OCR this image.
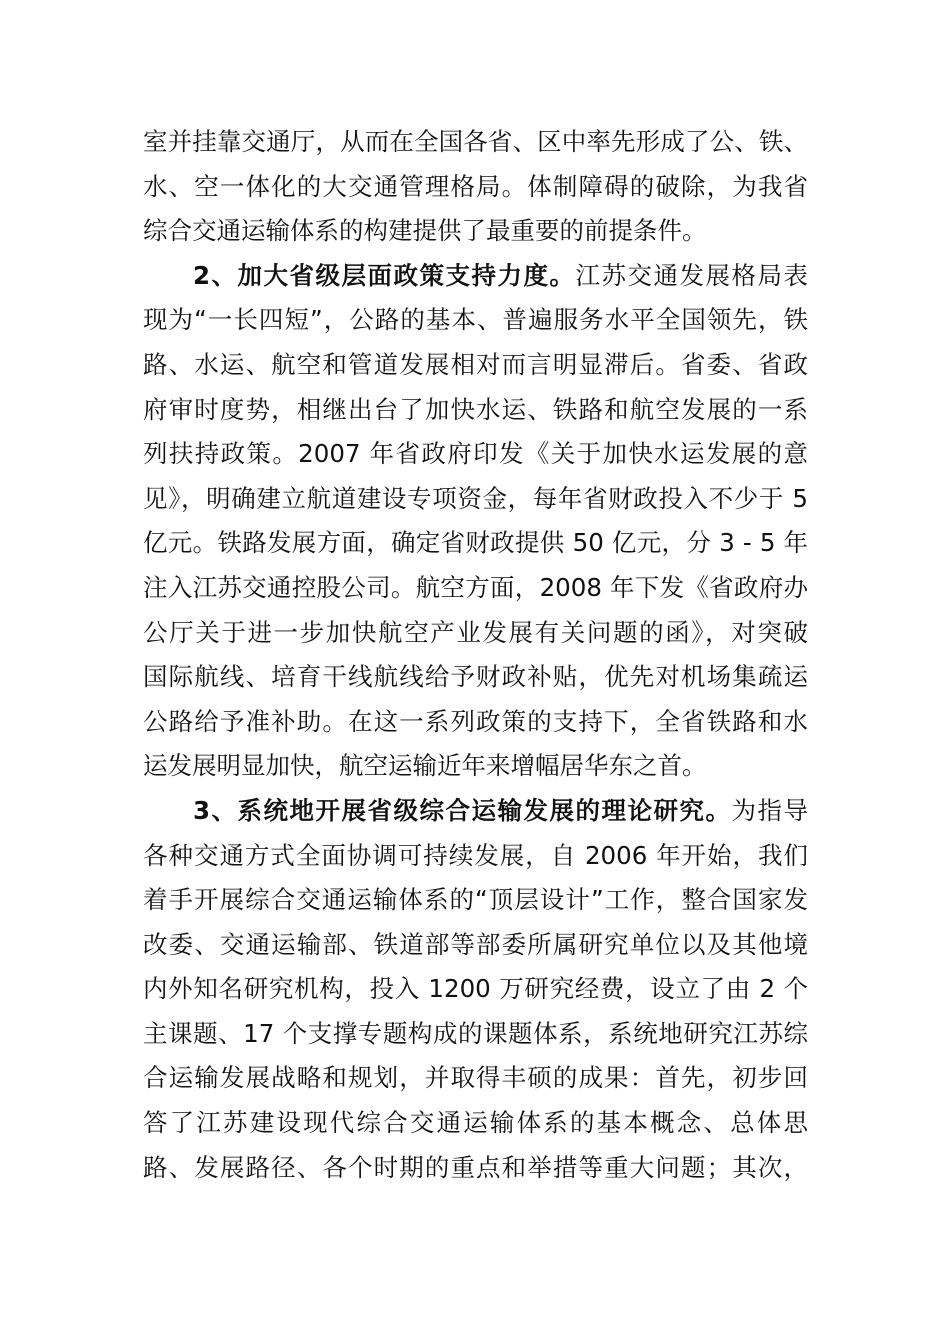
室并挂靠交通厅，从而在全国各省、区中率先形成了公、铁、
水、空一体化的大交通管理格局。体制障碍的破除，为我省
综合交通运输体系的构建提供了最重要的前提条件。
2、加大省级层面政策支持力度。江苏交通发展格局表
现为“一长四短”，公路的基本、普遍服务水平全国领先，铁
路、水运、航空和管道发展相对而言明显滞后。省委、省政
府审时度势，相继出台了加快水运、铁路和航空发展的一系
列扶持政策。2007 年省政府印发《关于加快水运发展的意
见》，明确建立航道建设专项资金，每年省财政投入不少于 5
亿元。铁路发展方面，确定省财政提供 50 亿元，分 3 - 5 年
注入江苏交通控股公司。航空方面，2008 年下发《省政府办
公厅关于进一步加快航空产业发展有关问题的函》，对突破
国际航线、培育干线航线给予财政补贴，优先对机场集疏运
公路给予准补助。在这一系列政策的支持下，全省铁路和水
运发展明显加快，航空运输近年来增幅居华东之首。
3、系统地开展省级综合运输发展的理论研究。为指导
各种交通方式全面协调可持续发展，自 2006 年开始，我们
着手开展综合交通运输体系的“顶层设计”工作，整合国家发
改委、交通运输部、铁道部等部委所属研究单位以及其他境
内外知名研究机构，投入 1200 万研究经费，设立了由 2 个
主课题、17 个支撑专题构成的课题体系，系统地研究江苏综
合运输发展战略和规划，并取得丰硕的成果：首先，初步回
答了江苏建设现代综合交通运输体系的基本概念、总体思
路、发展路径、各个时期的重点和举措等重大问题；其次，
